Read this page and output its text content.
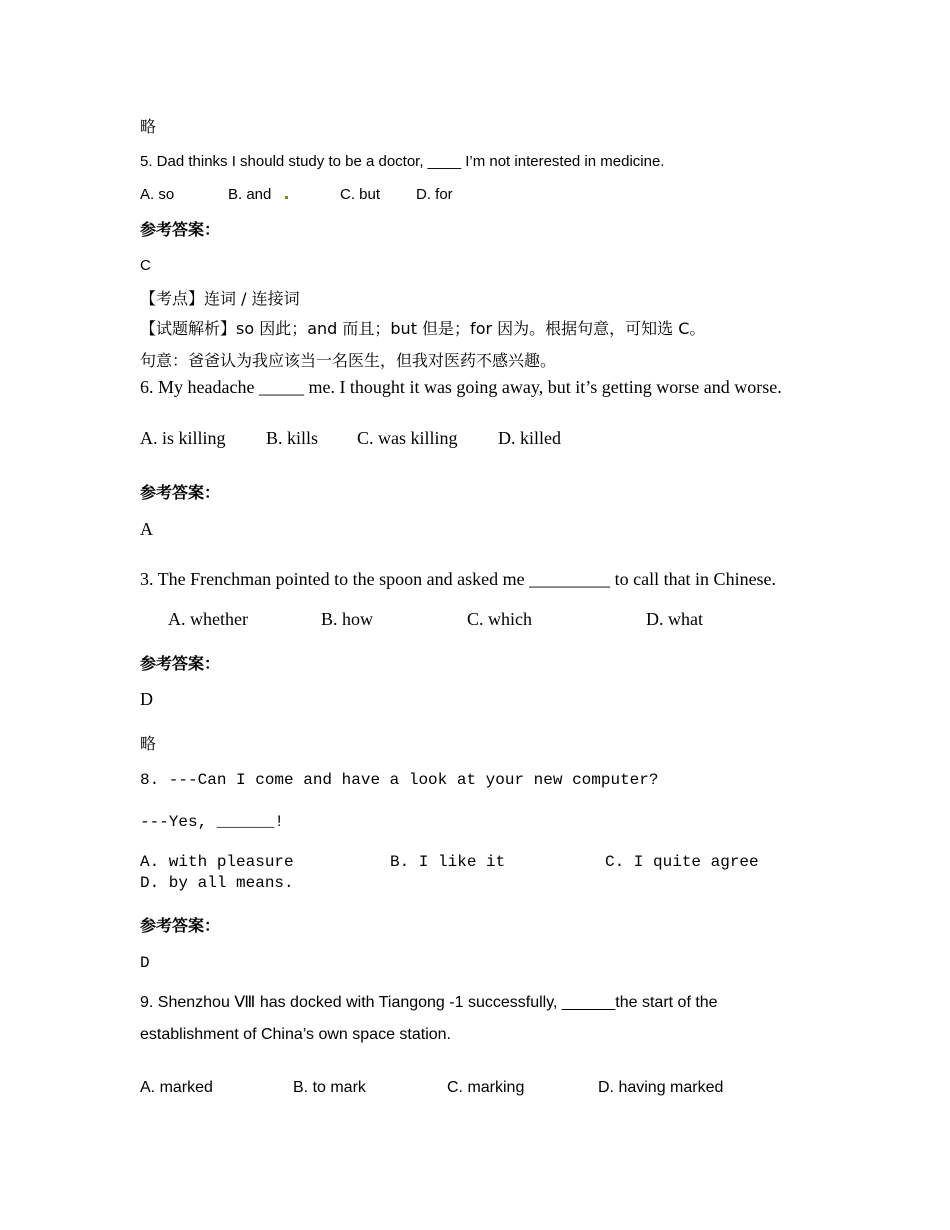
略
5. Dad thinks I should study to be a doctor, ____ I’m not interested in medicine.
A. so	B. and	C. but D. for
参考答案：
C
【考点】连词 / 连接词
【试题解析】so 因此；and 而且；but 但是；for 因为。根据句意，可知选 C。
句意：爸爸认为我应该当一名医生，但我对医药不感兴趣。
6. My headache _____ me. I thought it was going away, but it’s getting worse and worse.
A. is killing B. kills C. was killing D. killed
参考答案：
A
3. The Frenchman pointed to the spoon and asked me _________ to call that in Chinese.
A. whether	B. how	C. which	D. what
参考答案：
D
略
8. ---Can I come and have a look at your new computer?
---Yes, ______!
A. with pleasure	B. I like it	C. I quite agree
D. by all means.
参考答案：
D
9. Shenzhou Ⅷ has docked with Tiangong -1 successfully, ______the start of the
establishment of China’s own space station.
A. marked	B. to mark	C. marking	D. having marked
